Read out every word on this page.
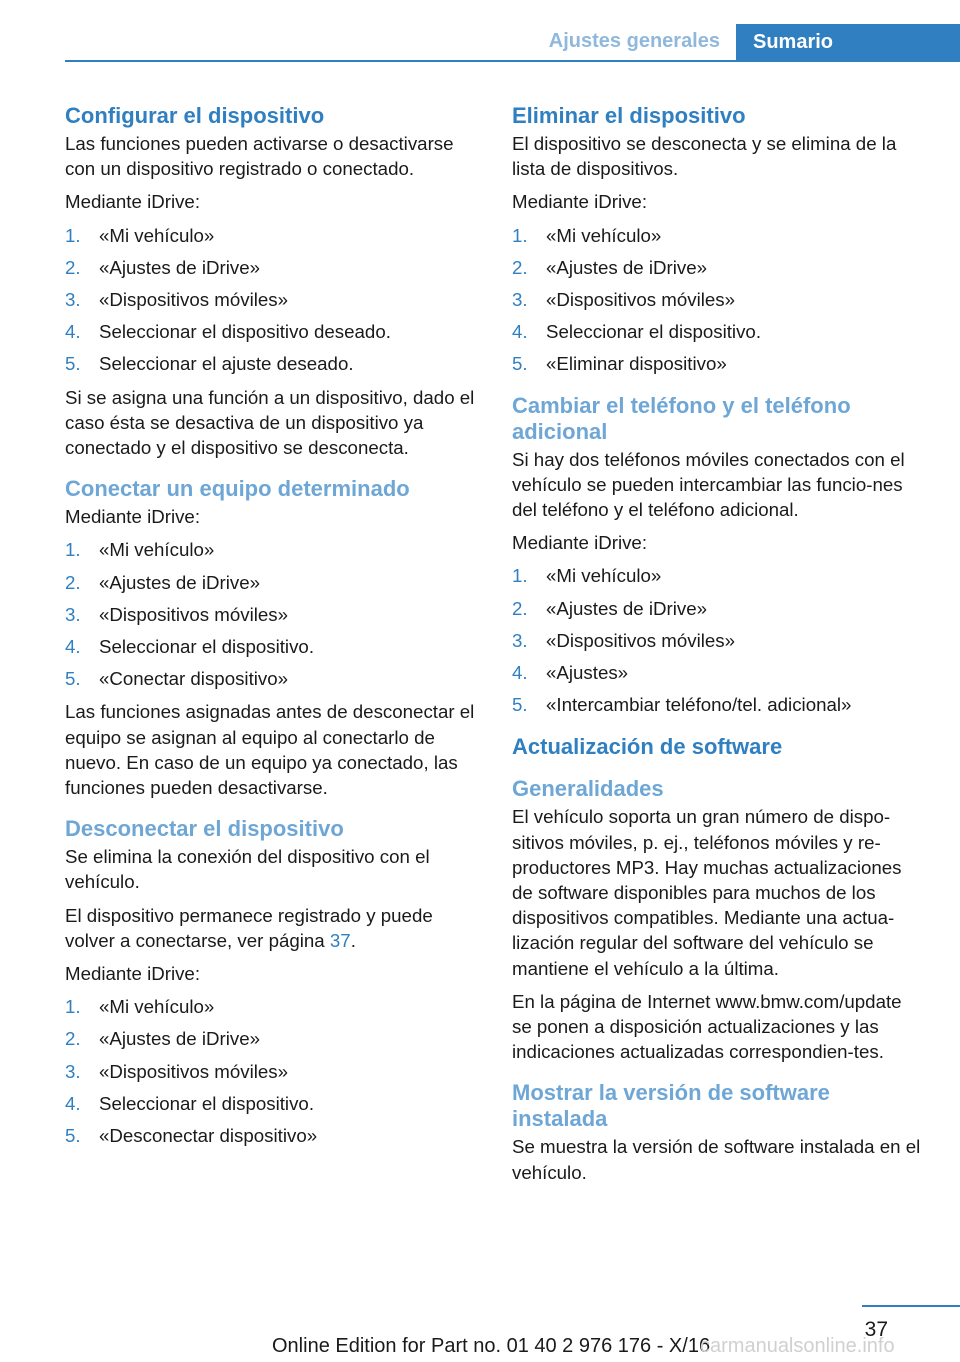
Ajustes generales	Sumario
Configurar el dispositivo

Las funciones pueden activarse o desactivarse con un dispositivo registrado o conectado.

Mediante iDrive:

1. «Mi vehículo»
2. «Ajustes de iDrive»
3. «Dispositivos móviles»
4. Seleccionar el dispositivo deseado.
5. Seleccionar el ajuste deseado.

Si se asigna una función a un dispositivo, dado el caso ésta se desactiva de un dispositivo ya conectado y el dispositivo se desconecta.

Conectar un equipo determinado

Mediante iDrive:

1. «Mi vehículo»
2. «Ajustes de iDrive»
3. «Dispositivos móviles»
4. Seleccionar el dispositivo.
5. «Conectar dispositivo»

Las funciones asignadas antes de desconectar el equipo se asignan al equipo al conectarlo de nuevo. En caso de un equipo ya conectado, las funciones pueden desactivarse.

Desconectar el dispositivo

Se elimina la conexión del dispositivo con el vehículo.

El dispositivo permanece registrado y puede volver a conectarse, ver página 37.

Mediante iDrive:

1. «Mi vehículo»
2. «Ajustes de iDrive»
3. «Dispositivos móviles»
4. Seleccionar el dispositivo.
5. «Desconectar dispositivo»
Eliminar el dispositivo

El dispositivo se desconecta y se elimina de la lista de dispositivos.

Mediante iDrive:

1. «Mi vehículo»
2. «Ajustes de iDrive»
3. «Dispositivos móviles»
4. Seleccionar el dispositivo.
5. «Eliminar dispositivo»
Cambiar el teléfono y el teléfono adicional

Si hay dos teléfonos móviles conectados con el vehículo se pueden intercambiar las funcio‐nes del teléfono y el teléfono adicional.

Mediante iDrive:

1. «Mi vehículo»
2. «Ajustes de iDrive»
3. «Dispositivos móviles»
4. «Ajustes»
5. «Intercambiar teléfono/tel. adicional»
Actualización de software
Generalidades

El vehículo soporta un gran número de dispo‐sitivos móviles, p. ej., teléfonos móviles y re‐productores MP3. Hay muchas actualizaciones de software disponibles para muchos de los dispositivos compatibles. Mediante una actua‐lización regular del software del vehículo se mantiene el vehículo a la última.

En la página de Internet www.bmw.com/update se ponen a disposición actualizaciones y las indicaciones actualizadas correspondien‐tes.

Mostrar la versión de software instalada

Se muestra la versión de software instalada en el vehículo.

37
Online Edition for Part no. 01 40 2 976 176 - X/16
carmanualsonline.info
